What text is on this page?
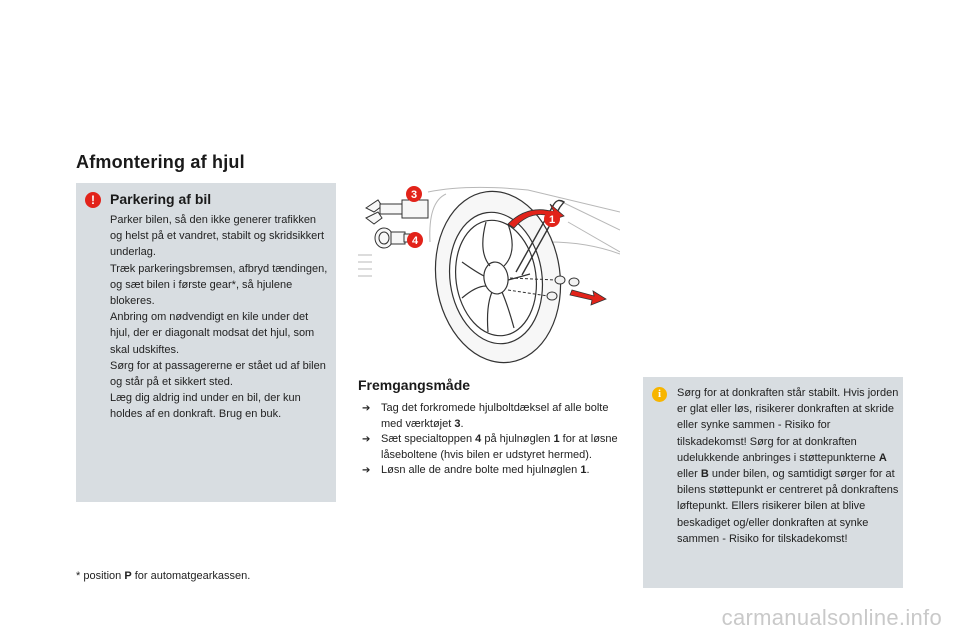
Afmontering af hjul
!	Parkering af bil

Parker bilen, så den ikke generer trafikken og helst på et vandret, stabilt og skridsikkert underlag.

Træk parkeringsbremsen, afbryd tændingen, og sæt bilen i første gear*, så hjulene blokeres.

Anbring om nødvendigt en kile under det hjul, der er diagonalt modsat det hjul, som skal udskiftes.

Sørg for at passagererne er stået ud af bilen og står på et sikkert sted.

Læg dig aldrig ind under en bil, der kun holdes af en donkraft. Brug en buk.

* position P for automatgearkassen.
3
4
1
Fremgangsmåde
➔ Tag det forkromede hjulboltdæksel af alle bolte med værktøjet 3.
➔ Sæt specialtoppen 4 på hjulnøglen 1 for at løsne låseboltene (hvis bilen er udstyret hermed).
➔ Løsn alle de andre bolte med hjulnøglen 1.
i	Sørg for at donkraften står stabilt. Hvis jorden er glat eller løs, risikerer donkraften at skride eller synke sammen - Risiko for tilskadekomst! Sørg for at donkraften udelukkende anbringes i støttepunkterne A eller B under bilen, og samtidigt sørger for at bilens støttepunkt er centreret på donkraftens løftepunkt. Ellers risikerer bilen at blive beskadiget og/eller donkraften at synke sammen - Risiko for tilskadekomst!
carmanualsonline.info
